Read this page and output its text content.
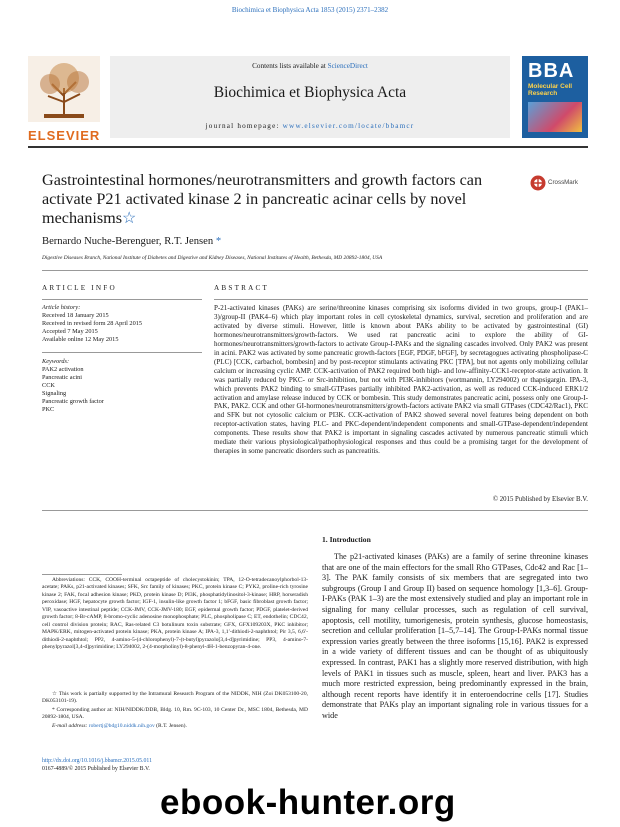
Biochimica et Biophysica Acta 1853 (2015) 2371–2382
ELSEVIER
Contents lists available at ScienceDirect
Biochimica et Biophysica Acta
journal homepage: www.elsevier.com/locate/bbamcr
BBA
Molecular Cell
Research
Gastrointestinal hormones/neurotransmitters and growth factors can activate P21 activated kinase 2 in pancreatic acinar cells by novel mechanisms☆
CrossMark
Bernardo Nuche-Berenguer, R.T. Jensen *
Digestive Diseases Branch, National Institute of Diabetes and Digestive and Kidney Diseases, National Institutes of Health, Bethesda, MD 20892-1804, USA
ARTICLE INFO
Article history:
Received 18 January 2015
Received in revised form 28 April 2015
Accepted 7 May 2015
Available online 12 May 2015
Keywords:
PAK2 activation
Pancreatic acini
CCK
Signaling
Pancreatic growth factor
PKC
ABSTRACT
P-21-activated kinases (PAKs) are serine/threonine kinases comprising six isoforms divided in two groups, group-I (PAK1–3)/group-II (PAK4–6) which play important roles in cell cytoskeletal dynamics, survival, secretion and proliferation and are activated by diverse stimuli. However, little is known about PAKs ability to be activated by gastrointestinal (GI) hormones/neurotransmitters/growth-factors. We used rat pancreatic acini to explore the ability of GI-hormones/neurotransmitters/growth-factors to activate Group-I-PAKs and the signaling cascades involved. Only PAK2 was present in acini. PAK2 was activated by some pancreatic growth-factors [EGF, PDGF, bFGF], by secretagogues activating phospholipase-C (PLC) [CCK, carbachol, bombesin] and by post-receptor stimulants activating PKC [TPA], but not agents only mobilizing cellular calcium or increasing cyclic AMP. CCK-activation of PAK2 required both high- and low-affinity-CCK1-receptor-state activation. It was partially reduced by PKC- or Src-inhibition, but not with PI3K-inhibitors (wortmannin, LY294002) or thapsigargin. IPA-3, which prevents PAK2 binding to small-GTPases partially inhibited PAK2-activation, as well as reduced CCK-induced ERK1/2 activation and amylase release induced by CCK or bombesin. This study demonstrates pancreatic acini, possess only one Group-I-PAK, PAK2. CCK and other GI-hormones/neurotransmitters/growth-factors activate PAK2 via small GTPases (CDC42/Rac1), PKC and SFK but not cytosolic calcium or PI3K. CCK-activation of PAK2 showed several novel features being dependent on both receptor-activation states, having PLC- and PKC-dependent/independent components and small-GTPase-dependent/independent components. These results show that PAK2 is important in signaling cascades activated by numerous pancreatic stimuli which mediate their various physiological/pathophysiological responses and thus could be a promising target for the development of therapies in some pancreatic disorders such as pancreatitis.
© 2015 Published by Elsevier B.V.
1. Introduction
The p21-activated kinases (PAKs) are a family of serine threonine kinases that are one of the main effectors for the small Rho GTPases, Cdc42 and Rac [1–3]. The PAK family consists of six members that are segregated into two subgroups (Group I and Group II) based on sequence homology [1,3–6]. Group-I-PAKs (PAK 1–3) are the most extensively studied and play an important role in signaling for many cellular processes, such as regulation of cell survival, apoptosis, cell motility, tumorigenesis, protein synthesis, glucose homeostasis, secretion and cellular proliferation [1–5,7–14]. The Group-I-PAKs normal tissue expression varies greatly between the three isoforms [15,16]. PAK2 is expressed in a wide variety of different tissues and can be thought of as ubiquitously expressed. In contrast, PAK1 has a slightly more reserved distribution, with high levels of PAK1 in tissues such as muscle, spleen, heart and liver. PAK3 has a much more restricted expression, being predominantly expressed in the brain, although recent reports have identify it in enteroendocrine cells [17]. Studies demonstrate that PAKs play an important signaling role in various tissues for a wide
Abbreviations: CCK, COOH-terminal octapeptide of cholecystokinin; TPA, 12-O-tetradecanoylphorbol-13-acetate; PAKs, p21-activated kinases; SFK, Src family of kinases; PKC, protein kinase C; PYK2, proline-rich tyrosine kinase 2; FAK, focal adhesion kinase; PKD, protein kinase D; PI3K, phosphatidylinositol-3-kinase; HRP, horseradish peroxidase; HGF, hepatocyte growth factor; IGF-1, insulin-like growth factor 1; bFGF, basic fibroblast growth factor; VIP, vasoactive intestinal peptide; CCK-JMV, CCK-JMV-180; EGF, epidermal growth factor; PDGF, platelet-derived growth factor; 8-Br-cAMP, 8-bromo-cyclic adenosine monophosphate; PLC, phospholipase C; ET, endothelin; CDC42, cell control division protein; RAC, Ras-related C3 botulinum toxin substrate; GFX, GFX109203X, PKC inhibitor; MAPK/ERK, mitogen-activated protein kinase; PKA, protein kinase A; IPA-3, 1,1′-dithiodi-2-naphthtol; Pir 3,5, 6,6′-dithiodi-2-naphthtol; PP2, 4-amino-5-(4-chlorophenyl)-7-(t-butyl)pyrazolo[3,4-d]pyrimidine; PP3, 4-amino-7-phenylpyrazol[3,4-d]pyrimidine; LY294002, 2-(4-morpholinyl)-8-phenyl-4H-1-benzopyran-4-one.
☆ This work is partially supported by the Intramural Research Program of the NIDDK, NIH (Zoi DK053100-20, DK053101-19).
* Corresponding author at: NIH/NIDDK/DDB, Bldg. 10, Rm. 9C-103, 10 Center Dr., MSC 1804, Bethesda, MD 20892-1804, USA.
E-mail address: robertj@bdg10.niddk.nih.gov (R.T. Jensen).
http://dx.doi.org/10.1016/j.bbamcr.2015.05.011
0167-4889/© 2015 Published by Elsevier B.V.
ebook-hunter.org
